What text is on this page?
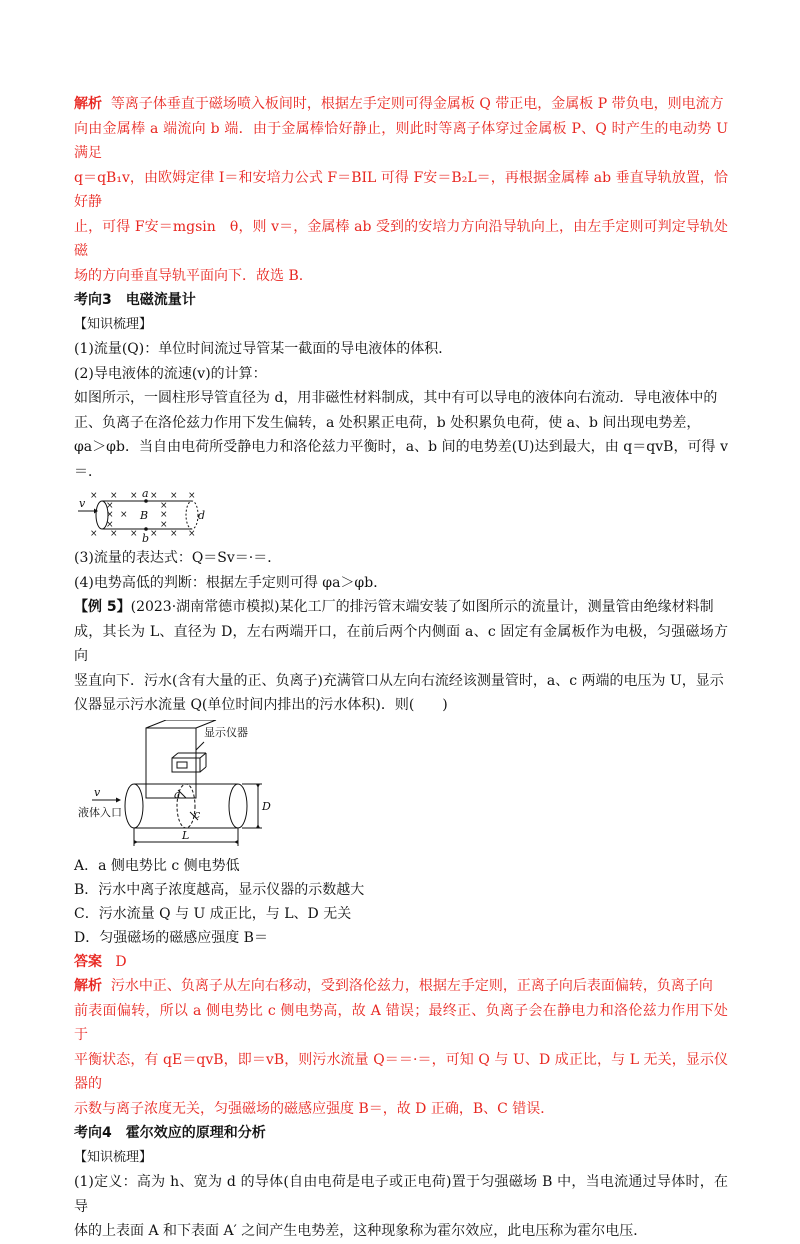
解析 等离子体垂直于磁场喷入板间时，根据左手定则可得金属板 Q 带正电，金属板 P 带负电，则电流方

向由金属棒 a 端流向 b 端．由于金属棒恰好静止，则此时等离子体穿过金属板 P、Q 时产生的电动势 U 满足

q＝qB₁v，由欧姆定律 I＝和安培力公式 F＝BIL 可得 F安＝B₂L＝，再根据金属棒 ab 垂直导轨放置，恰好静

止，可得 F安＝mgsin　θ，则 v＝，金属棒 ab 受到的安培力方向沿导轨向上，由左手定则可判定导轨处磁

场的方向垂直导轨平面向下．故选 B.

考向3　电磁流量计

【知识梳理】

(1)流量(Q)：单位时间流过导管某一截面的导电液体的体积．

(2)导电液体的流速(v)的计算：

如图所示，一圆柱形导管直径为 d，用非磁性材料制成，其中有可以导电的液体向右流动．导电液体中的

正、负离子在洛伦兹力作用下发生偏转，a 处积累正电荷，b 处积累负电荷，使 a、b 间出现电势差，

φa＞φb．当自由电荷所受静电力和洛伦兹力平衡时，a、b 间的电势差(U)达到最大，由 q＝qvB，可得 v＝．

× × × × × ×
× ×	×
× × × × × ×
×	×
×	×
v
a
b
B	d

(3)流量的表达式：Q＝Sv＝·＝．

(4)电势高低的判断：根据左手定则可得 φa＞φb．

【例 5】(2023·湖南常德市模拟)某化工厂的排污管末端安装了如图所示的流量计，测量管由绝缘材料制

成，其长为 L、直径为 D，左右两端开口，在前后两个内侧面 a、c 固定有金属板作为电极，匀强磁场方向

竖直向下．污水(含有大量的正、负离子)充满管口从左向右流经该测量管时，a、c 两端的电压为 U，显示

仪器显示污水流量 Q(单位时间内排出的污水体积)．则(　　)

显示仪器
液体入口
v	a
c
D
L

A．a 侧电势比 c 侧电势低

B．污水中离子浓度越高，显示仪器的示数越大

C．污水流量 Q 与 U 成正比，与 L、D 无关

D．匀强磁场的磁感应强度 B＝

答案 D

解析 污水中正、负离子从左向右移动，受到洛伦兹力，根据左手定则，正离子向后表面偏转，负离子向

前表面偏转，所以 a 侧电势比 c 侧电势高，故 A 错误；最终正、负离子会在静电力和洛伦兹力作用下处于

平衡状态，有 qE＝qvB，即＝vB，则污水流量 Q＝＝·＝，可知 Q 与 U、D 成正比，与 L 无关，显示仪器的

示数与离子浓度无关，匀强磁场的磁感应强度 B＝，故 D 正确，B、C 错误．

考向4　霍尔效应的原理和分析

【知识梳理】

(1)定义：高为 h、宽为 d 的导体(自由电荷是电子或正电荷)置于匀强磁场 B 中，当电流通过导体时，在导

体的上表面 A 和下表面 A′ 之间产生电势差，这种现象称为霍尔效应，此电压称为霍尔电压．
